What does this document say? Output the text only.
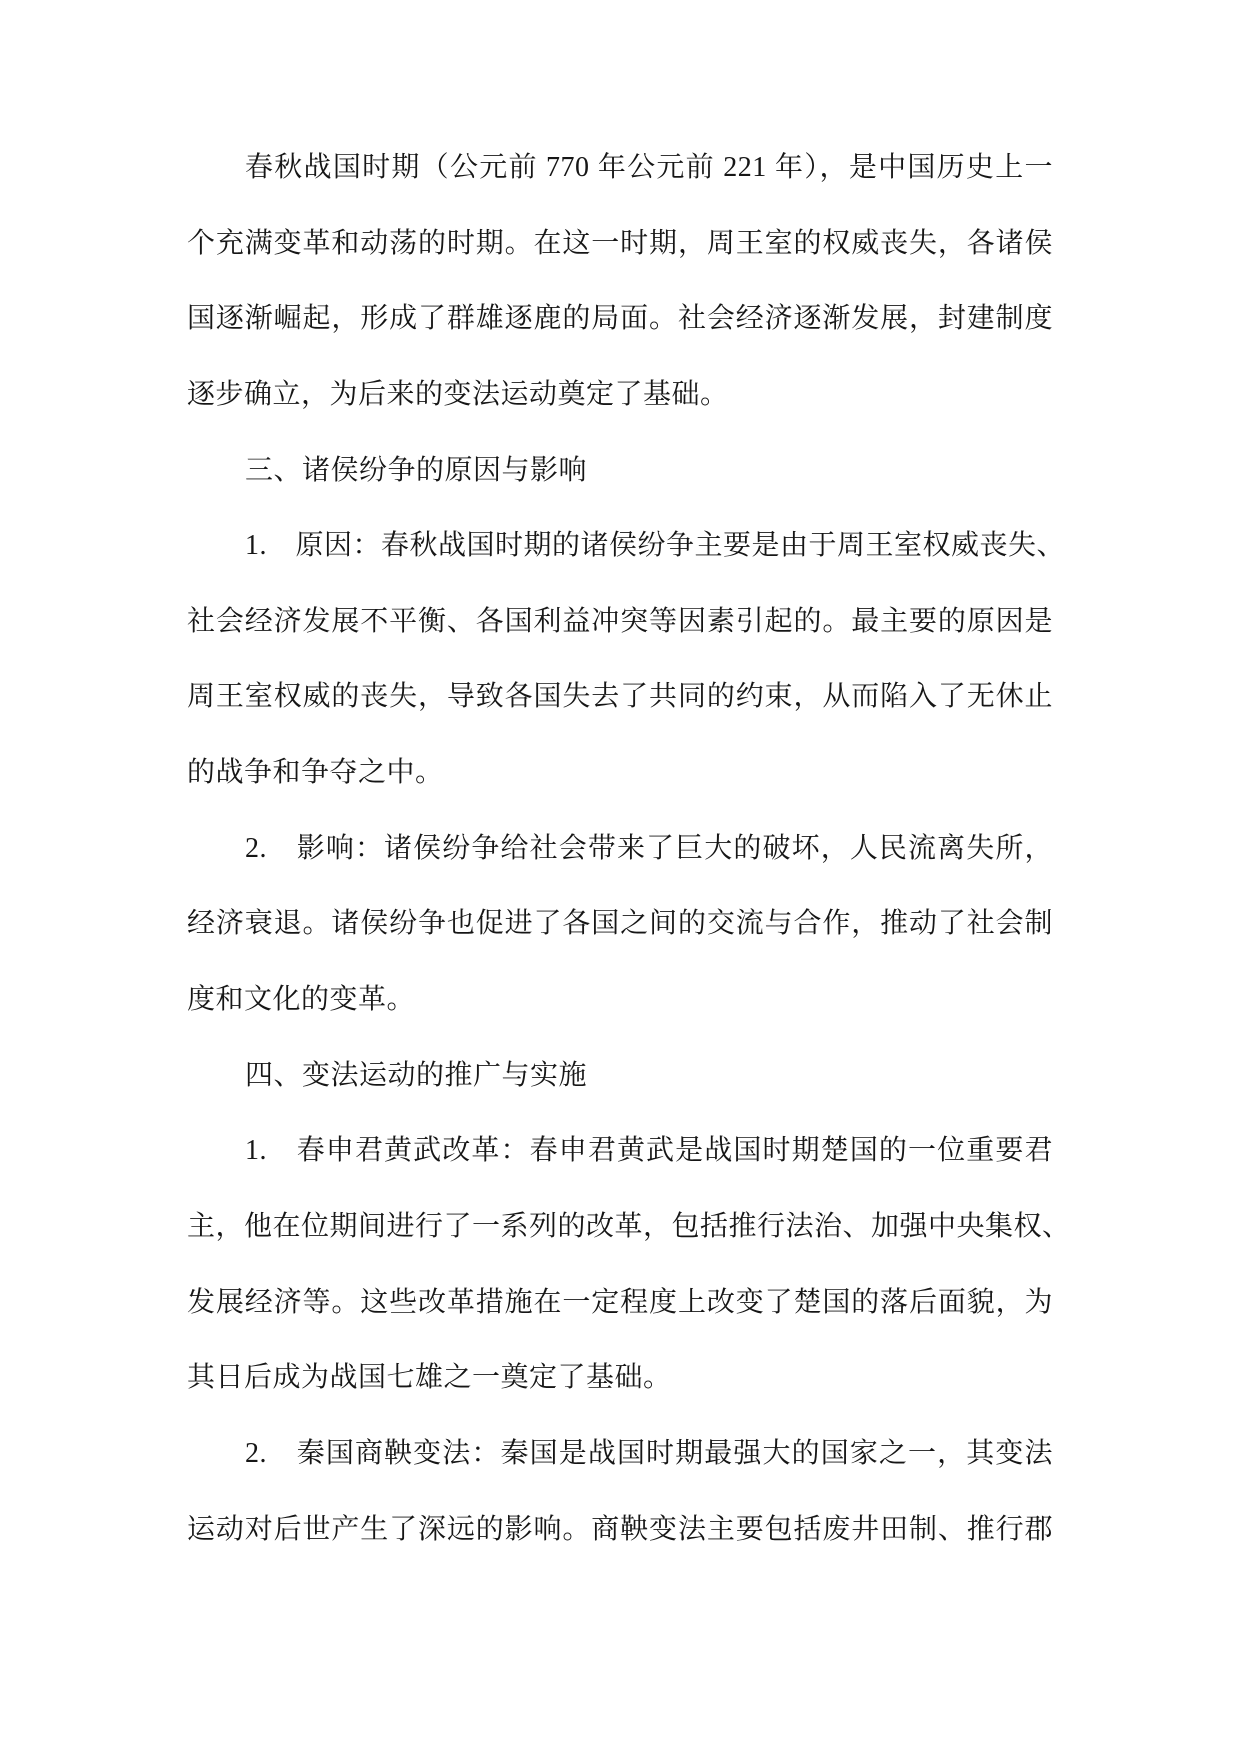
春秋战国时期（公元前 770 年公元前 221 年），是中国历史上一
个充满变革和动荡的时期。在这一时期，周王室的权威丧失，各诸侯
国逐渐崛起，形成了群雄逐鹿的局面。社会经济逐渐发展，封建制度
逐步确立，为后来的变法运动奠定了基础。
三、诸侯纷争的原因与影响
1.　原因：春秋战国时期的诸侯纷争主要是由于周王室权威丧失、
社会经济发展不平衡、各国利益冲突等因素引起的。最主要的原因是
周王室权威的丧失，导致各国失去了共同的约束，从而陷入了无休止
的战争和争夺之中。
2.　影响：诸侯纷争给社会带来了巨大的破坏，人民流离失所，
经济衰退。诸侯纷争也促进了各国之间的交流与合作，推动了社会制
度和文化的变革。
四、变法运动的推广与实施
1.　春申君黄武改革：春申君黄武是战国时期楚国的一位重要君
主，他在位期间进行了一系列的改革，包括推行法治、加强中央集权、
发展经济等。这些改革措施在一定程度上改变了楚国的落后面貌，为
其日后成为战国七雄之一奠定了基础。
2.　秦国商鞅变法：秦国是战国时期最强大的国家之一，其变法
运动对后世产生了深远的影响。商鞅变法主要包括废井田制、推行郡
